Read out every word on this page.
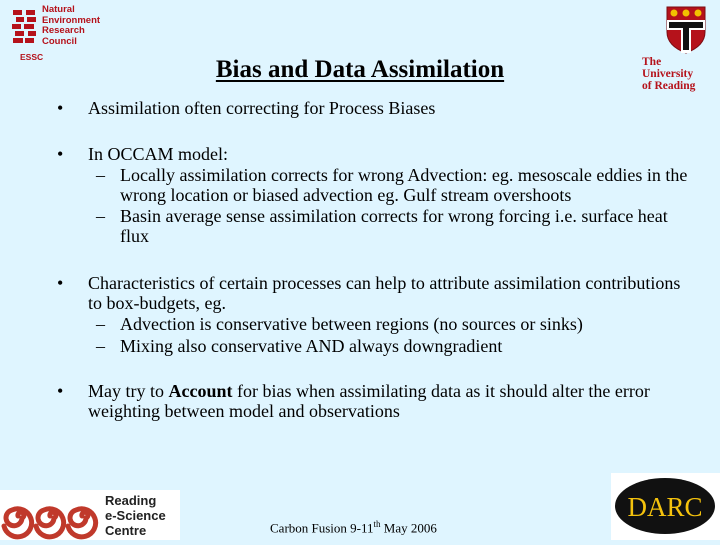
Natural
Environment
Research
Council
ESSC	The
University
of Reading
Bias and Data Assimilation
• Assimilation often correcting for Process Biases
• In OCCAM model:
– Locally assimilation corrects for wrong Advection: eg. mesoscale eddies in the wrong location or biased advection eg. Gulf stream overshoots
– Basin average sense assimilation corrects for wrong forcing i.e. surface heat flux
• Characteristics of certain processes can help to attribute assimilation contributions to box-budgets, eg.
– Advection is conservative between regions (no sources or sinks)
– Mixing also conservative AND always downgradient
• May try to Account for bias when assimilating data as it should alter the error weighting between model and observations
Reading
e-Science
Centre	Carbon Fusion 9-11th May 2006
DARC
